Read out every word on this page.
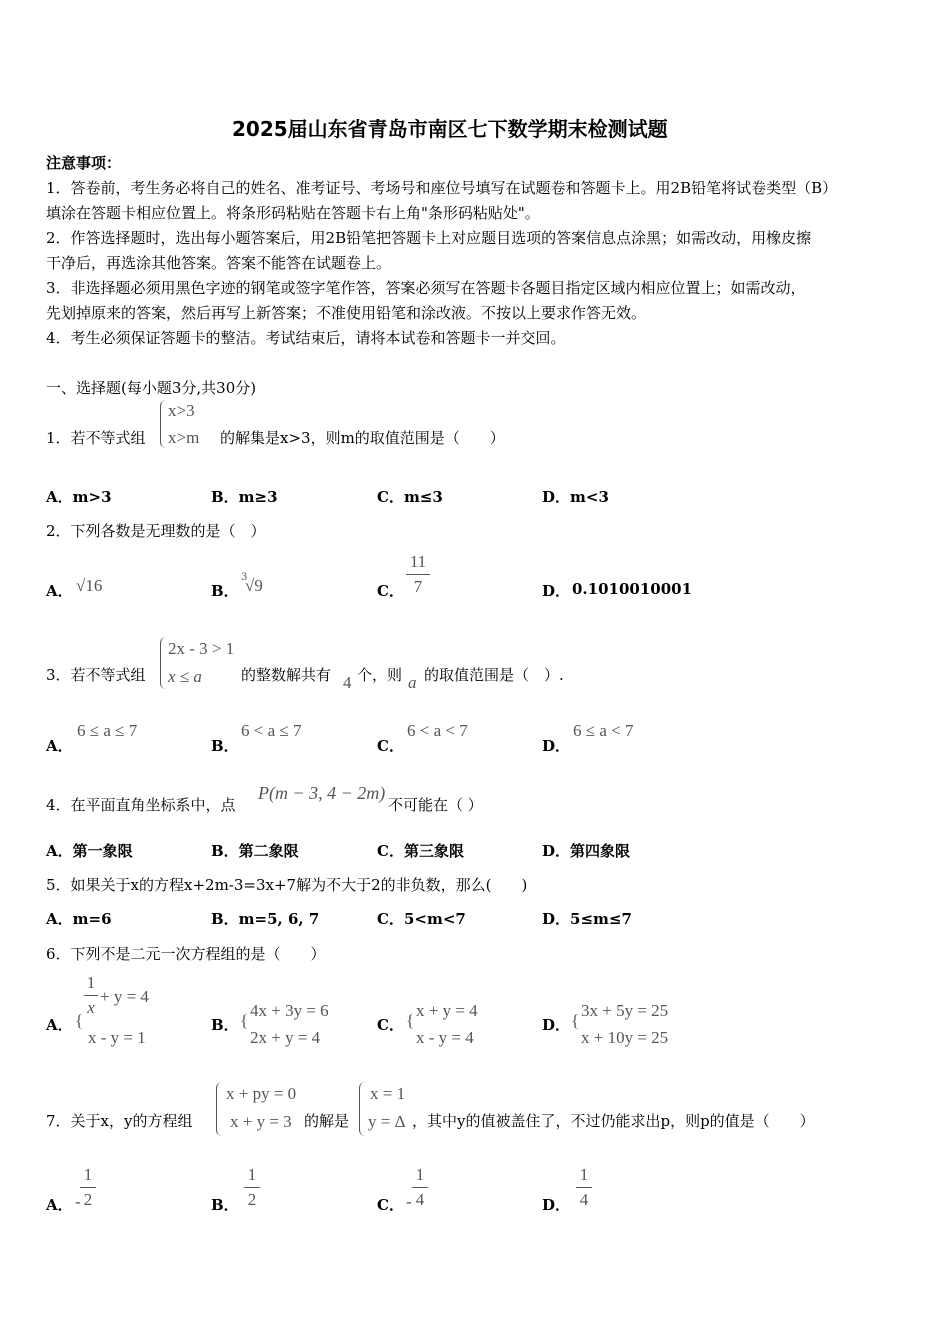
2025届山东省青岛市南区七下数学期末检测试题
注意事项：
1．答卷前，考生务必将自己的姓名、准考证号、考场号和座位号填写在试题卷和答题卡上。用2B铅笔将试卷类型（B）
填涂在答题卡相应位置上。将条形码粘贴在答题卡右上角"条形码粘贴处"。
2．作答选择题时，选出每小题答案后，用2B铅笔把答题卡上对应题目选项的答案信息点涂黑；如需改动，用橡皮擦
干净后，再选涂其他答案。答案不能答在试题卷上。
3．非选择题必须用黑色字迹的钢笔或签字笔作答，答案必须写在答题卡各题目指定区域内相应位置上；如需改动，
先划掉原来的答案，然后再写上新答案；不准使用铅笔和涂改液。不按以上要求作答无效。
4．考生必须保证答题卡的整洁。考试结束后，请将本试卷和答题卡一并交回。
一、选择题(每小题3分,共30分)
1．若不等式组
x>3
x>m 的解集是x>3，则m的取值范围是（　　）
A．m>3	B．m≥3	C．m≤3	D．m<3
2．下列各数是无理数的是（　）
A． √16	B．
3
√9	C．
11
7	D． 0.1010010001
3．若不等式组
2x - 3 > 1
x ≤ a	的整数解共有 4 个，则 a 的取值范围是（　）.
A．
6 ≤ a ≤ 7
B．
6 < a ≤ 7
C．
6 < a < 7
D．
6 ≤ a < 7
4．在平面直角坐标系中，点
P(m − 3, 4 − 2m)
不可能在（ ）
A．第一象限	B．第二象限	C．第三象限	D．第四象限
5．如果关于x的方程x+2m-3=3x+7解为不大于2的非负数，那么(　　)
A．m=6	B．m=5, 6, 7	C．5<m<7	D．5≤m≤7
6．下列不是二元一次方程组的是（　　）
A． {
1
x
+ y = 4
x - y = 1
B． {
4x + 3y = 6
2x + y = 4
C． {
x + y = 4
x - y = 4
D． {
3x + 5y = 25
x + 10y = 25
7．关于x，y的方程组
x + py = 0
x + y = 3 的解是
x = 1
y = Δ ，其中y的值被盖住了，不过仍能求出p，则p的值是（　　）
A． -
1
2	B．
1
2	C． -
1
4	D．
1
4
